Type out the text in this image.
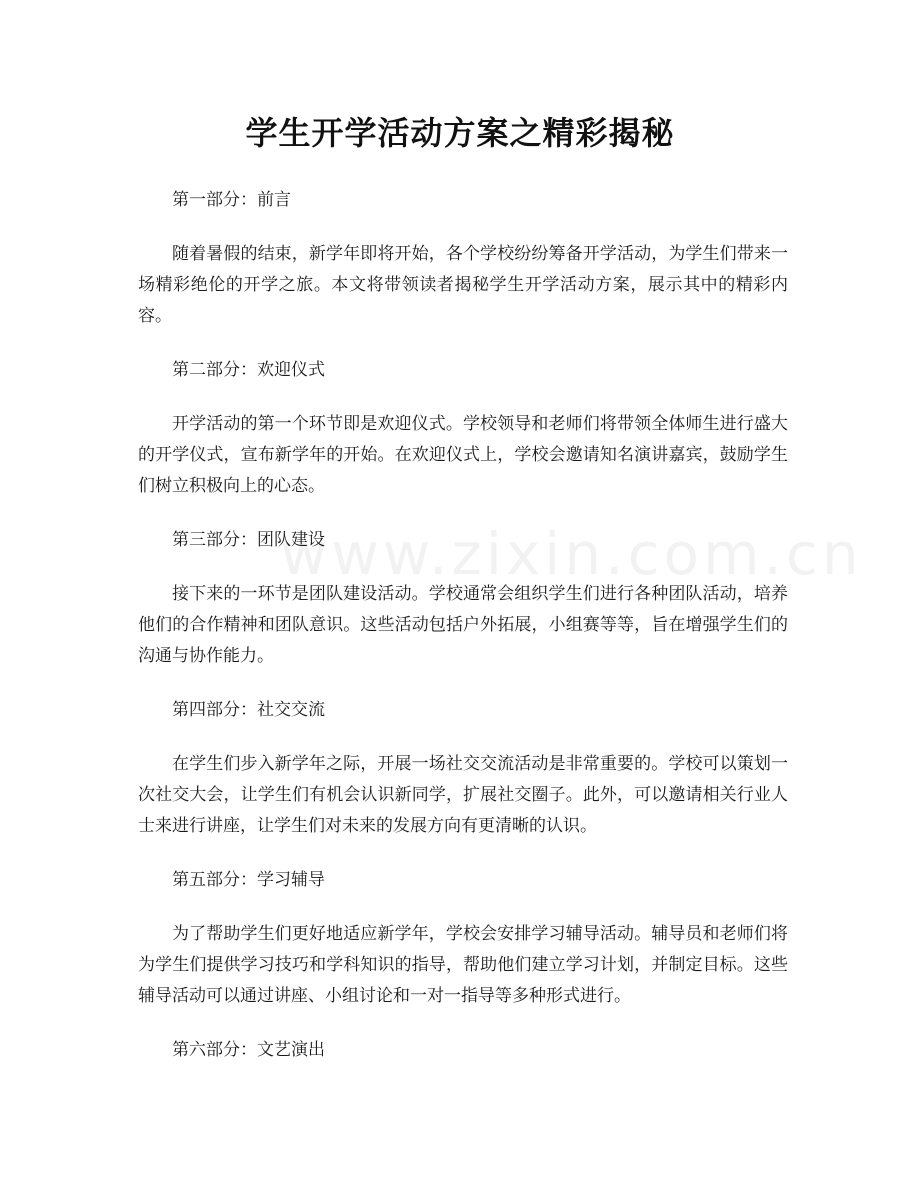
学生开学活动方案之精彩揭秘
www.zixin.com.cn

第一部分：前言

随着暑假的结束，新学年即将开始，各个学校纷纷筹备开学活动，为学生们带来一场精彩绝伦的开学之旅。本文将带领读者揭秘学生开学活动方案，展示其中的精彩内容。

第二部分：欢迎仪式

开学活动的第一个环节即是欢迎仪式。学校领导和老师们将带领全体师生进行盛大的开学仪式，宣布新学年的开始。在欢迎仪式上，学校会邀请知名演讲嘉宾，鼓励学生们树立积极向上的心态。

第三部分：团队建设

接下来的一环节是团队建设活动。学校通常会组织学生们进行各种团队活动，培养他们的合作精神和团队意识。这些活动包括户外拓展，小组赛等等，旨在增强学生们的沟通与协作能力。

第四部分：社交交流

在学生们步入新学年之际，开展一场社交交流活动是非常重要的。学校可以策划一次社交大会，让学生们有机会认识新同学，扩展社交圈子。此外，可以邀请相关行业人士来进行讲座，让学生们对未来的发展方向有更清晰的认识。

第五部分：学习辅导

为了帮助学生们更好地适应新学年，学校会安排学习辅导活动。辅导员和老师们将为学生们提供学习技巧和学科知识的指导，帮助他们建立学习计划，并制定目标。这些辅导活动可以通过讲座、小组讨论和一对一指导等多种形式进行。

第六部分：文艺演出
